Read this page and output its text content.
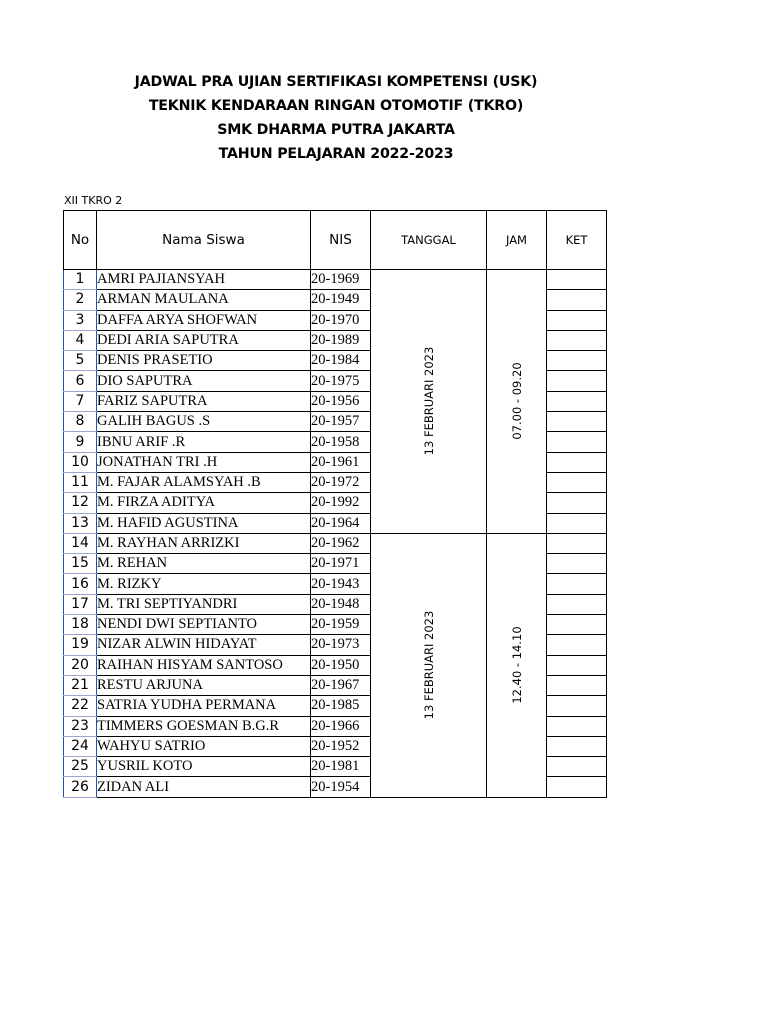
JADWAL PRA UJIAN SERTIFIKASI KOMPETENSI (USK)
TEKNIK KENDARAAN RINGAN OTOMOTIF (TKRO)
SMK DHARMA PUTRA JAKARTA
TAHUN PELAJARAN 2022-2023
XII TKRO 2
No	Nama Siswa	NIS	TANGGAL	JAM	KET
1	AMRI PAJIANSYAH	20-1969	13 FEBRUARI 2023	07.00 - 09.20	

2	ARMAN MAULANA	20-1949			
3	DAFFA ARYA SHOFWAN	20-1970			
4	DEDI ARIA SAPUTRA	20-1989			
5	DENIS PRASETIO	20-1984			
6	DIO SAPUTRA	20-1975			
7	FARIZ SAPUTRA	20-1956			
8	GALIH BAGUS .S	20-1957			
9	IBNU ARIF .R	20-1958			
10	JONATHAN TRI .H	20-1961			
11	M. FAJAR ALAMSYAH .B	20-1972			
12	M. FIRZA ADITYA	20-1992			
13	M. HAFID AGUSTINA	20-1964			
14	M. RAYHAN ARRIZKI	20-1962	13 FEBRUARI 2023	12.40 - 14.10	

15	M. REHAN	20-1971			
16	M. RIZKY	20-1943			
17	M. TRI SEPTIYANDRI	20-1948			
18	NENDI DWI SEPTIANTO	20-1959			
19	NIZAR ALWIN HIDAYAT	20-1973			
20	RAIHAN HISYAM SANTOSO	20-1950			
21	RESTU ARJUNA	20-1967			
22	SATRIA YUDHA PERMANA	20-1985			
23	TIMMERS GOESMAN B.G.R	20-1966			
24	WAHYU SATRIO	20-1952			
25	YUSRIL KOTO	20-1981			
26	ZIDAN ALI	20-1954			
